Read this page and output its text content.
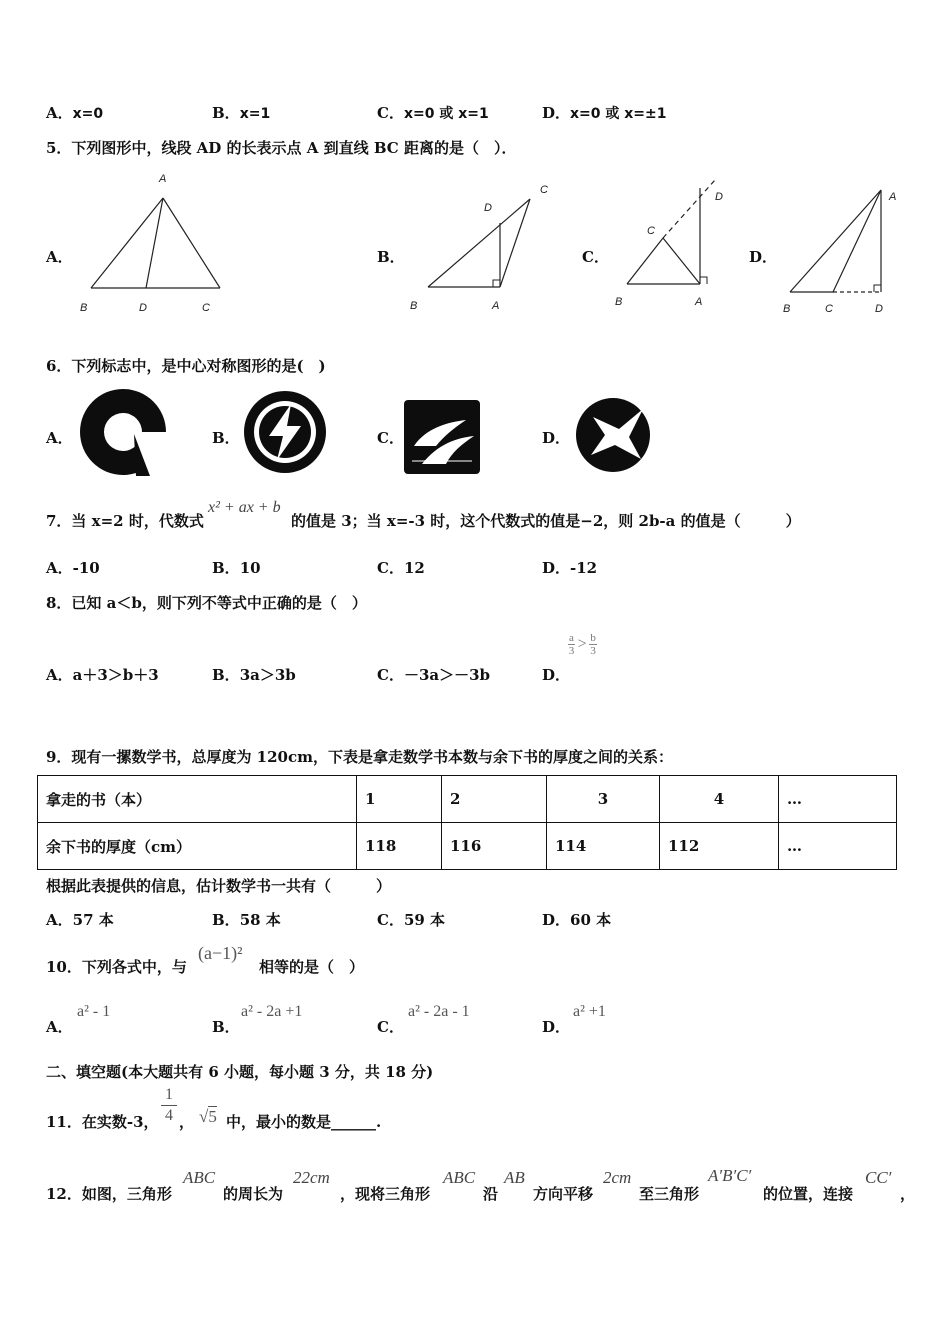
A．x=0	B．x=1	C．x=0 或 x=1	D．x=0 或 x=±1
5．下列图形中，线段 AD 的长表示点 A 到直线 BC 距离的是（　）．
A．	B．	C．	D．
A
B	D	C
C
D
B	A
D
C
B	A
A
B	C	D
6．下列标志中，是中心对称图形的是(　)
A．	B．	C．	D．
7．当 x=2 时，代数式
x² + ax + b
的值是 3；当 x=-3 时，这个代数式的值是−2，则 2b-a 的值是（　　　）
A．-10	B．10	C．12	D．-12
8．已知 a＜b，则下列不等式中正确的是（　）
A．a＋3＞b＋3	B．3a＞3b	C．－3a＞－3b	D．
$\frac{a}{3} > \frac{b}{3}$
9．现有一摞数学书，总厚度为 120cm，下表是拿走数学书本数与余下书的厚度之间的关系：
拿走的书（本）	1	2	3	4	…
余下书的厚度（cm）	118	116	114	112	…
根据此表提供的信息，估计数学书一共有（　　　）
A．57 本	B．58 本	C．59 本	D．60 本
10．下列各式中，与
(a−1)²
相等的是（　）
A．
a² - 1
B．
a² - 2a +1
C．
a² - 2a - 1
D．
a² +1
二、填空题(本大题共有 6 小题，每小题 3 分，共 18 分)
11．在实数-3，
1
4 ， √5 中，最小的数是______.
12．如图，三角形
ABC
的周长为
22cm
，现将三角形
ABC
沿
AB
方向平移
2cm
至三角形
A′B′C′
的位置，连接
CC′
，
